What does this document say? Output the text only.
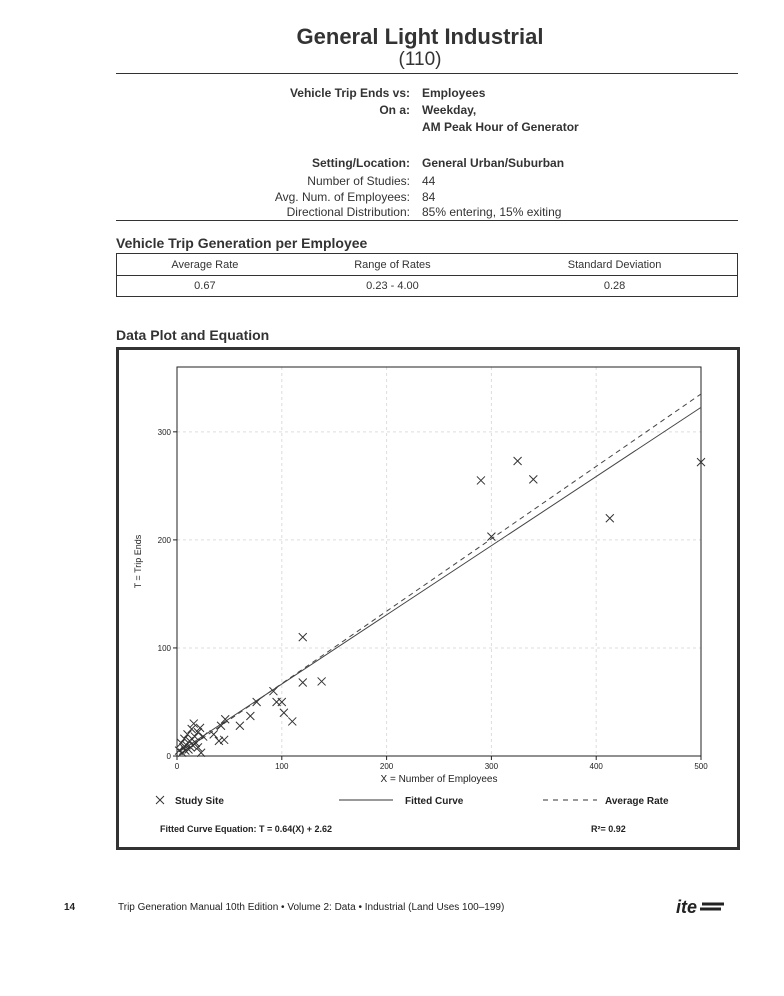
General Light Industrial
(110)
Vehicle Trip Ends vs: Employees
On a: Weekday,
AM Peak Hour of Generator
Setting/Location: General Urban/Suburban
Number of Studies: 44
Avg. Num. of Employees: 84
Directional Distribution: 85% entering, 15% exiting
Vehicle Trip Generation per Employee
Average Rate	Range of Rates	Standard Deviation
0.67	0.23 - 4.00	0.28
Data Plot and Equation
0	100	200	300	400	500
0
100
200
300
X = Number of Employees
T = Trip Ends
Study Site	Fitted Curve	Average Rate
Fitted Curve Equation: T = 0.64(X) + 2.62	R²= 0.92
14	Trip Generation Manual 10th Edition • Volume 2: Data • Industrial (Land Uses 100–199)	ite
